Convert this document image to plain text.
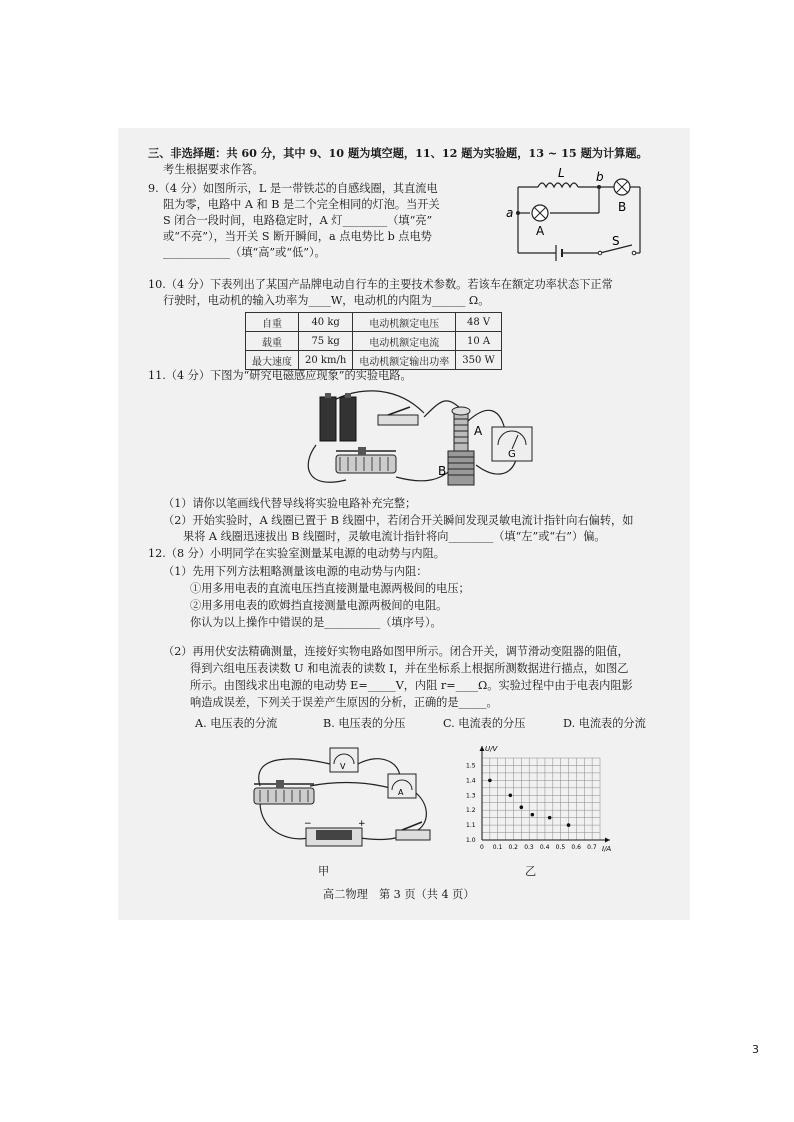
三、非选择题：共 60 分，其中 9、10 题为填空题，11、12 题为实验题，13 ~ 15 题为计算题。
考生根据要求作答。
9.（4 分）如图所示，L 是一带铁芯的自感线圈，其直流电
阻为零，电路中 A 和 B 是二个完全相同的灯泡。当开关
S 闭合一段时间，电路稳定时，A 灯________（填“亮”
或“不亮”），当开关 S 断开瞬间，a 点电势比 b 点电势
____________（填“高”或“低”）。
L	b
a
A
B
S
10.（4 分）下表列出了某国产品牌电动自行车的主要技术参数。若该车在额定功率状态下正常
行驶时，电动机的输入功率为____W，电动机的内阻为______ Ω。
自重	40 kg	电动机额定电压	48 V
载重	75 kg	电动机额定电流	10 A
最大速度	20 km/h	电动机额定输出功率	350 W
11.（4 分）下图为“研究电磁感应现象”的实验电路。
A
B
G
（1）请你以笔画线代替导线将实验电路补充完整；
（2）开始实验时，A 线圈已置于 B 线圈中，若闭合开关瞬间发现灵敏电流计指针向右偏转，如
果将 A 线圈迅速拔出 B 线圈时，灵敏电流计指针将向________（填“左”或“右”）偏。
12.（8 分）小明同学在实验室测量某电源的电动势与内阻。
（1）先用下列方法粗略测量该电源的电动势与内阻：
①用多用电表的直流电压挡直接测量电源两极间的电压；
②用多用电表的欧姆挡直接测量电源两极间的电阻。
你认为以上操作中错误的是__________（填序号）。
（2）再用伏安法精确测量，连接好实物电路如图甲所示。闭合开关，调节滑动变阻器的阻值，
得到六组电压表读数 U 和电流表的读数 I，并在坐标系上根据所测数据进行描点，如图乙
所示。由图线求出电源的电动势 E=_____V，内阻 r=____Ω。实验过程中由于电表内阻影
响造成误差，下列关于误差产生原因的分析，正确的是_____。
A. 电压表的分流	B. 电压表的分压	C. 电流表的分压	D. 电流表的分流
V
A
−	+
甲
0 0.1 0.2 0.3 0.4 0.5 0.6 0.7
1.0
1.1
1.2
1.3
1.4
1.5
U/V
I/A
乙
高二物理　第 3 页（共 4 页）
3
